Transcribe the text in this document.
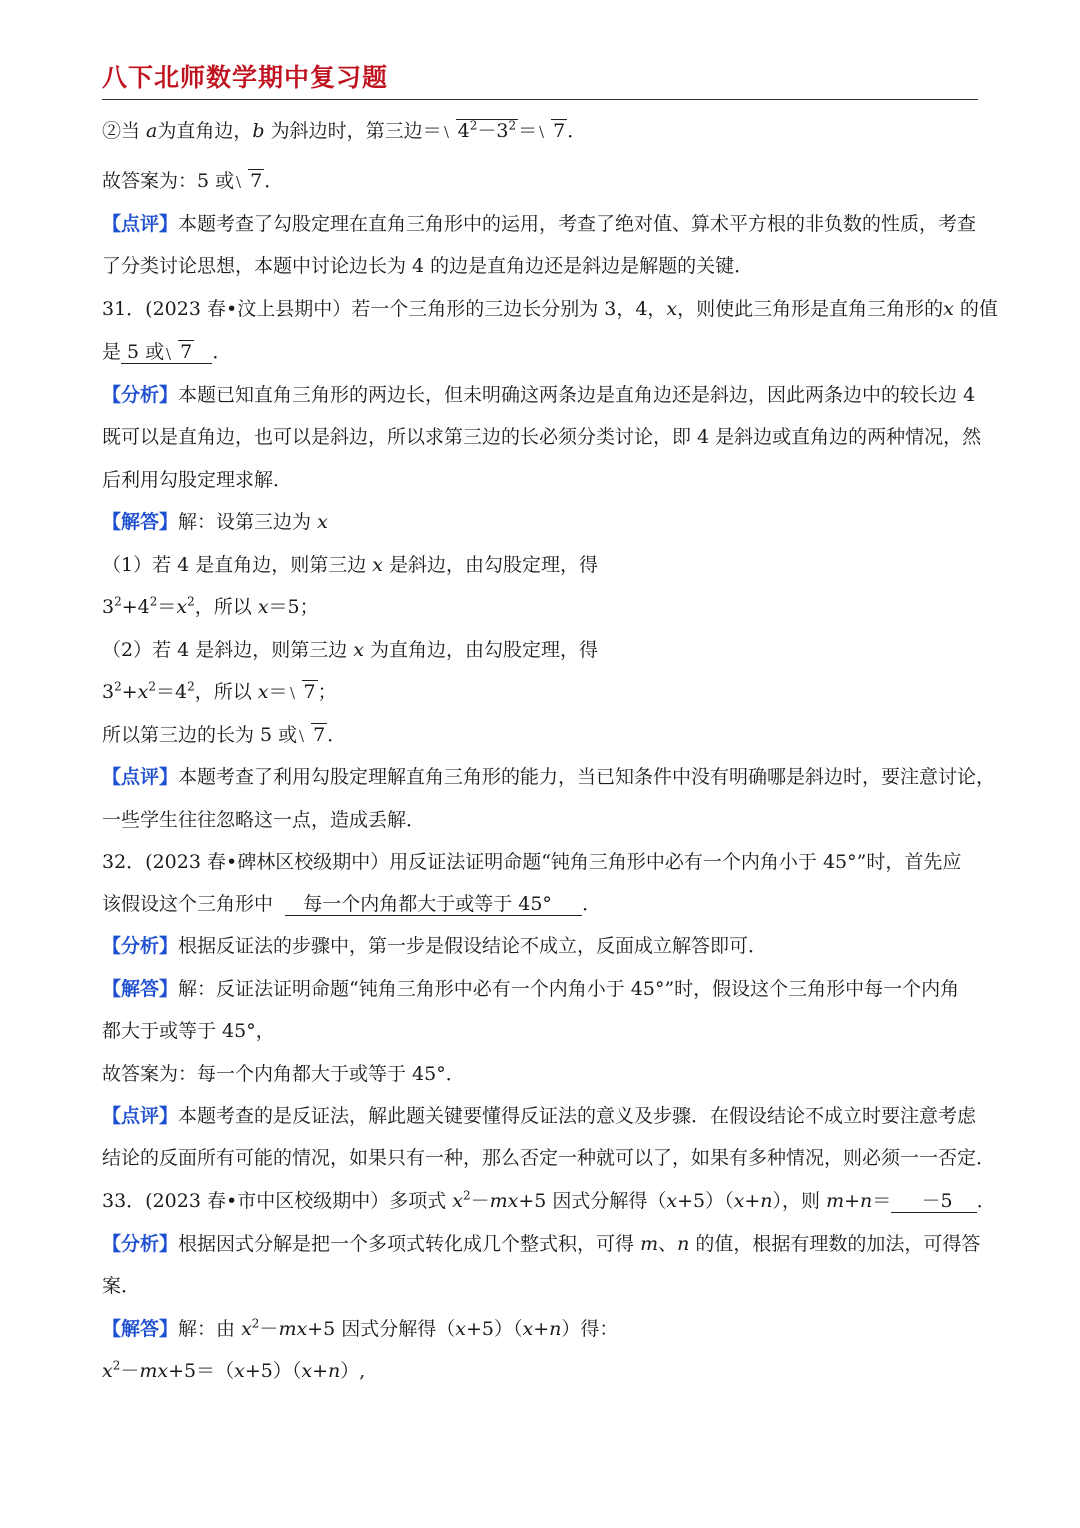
八下北师数学期中复习题
②当 a为直角边，b 为斜边时，第三边＝ $4^2-3^2 = 7$ ．
故答案为：5 或 7 ．
【点评】本题考查了勾股定理在直角三角形中的运用，考查了绝对值、算术平方根的非负数的性质，考查
了分类讨论思想，本题中讨论边长为 4 的边是直角边还是斜边是解题的关键．
31．(2023 春•汶上县期中）若一个三角形的三边长分别为 3，4，x，则使此三角形是直角三角形的x 的值
是 5 或 7 ．
【分析】本题已知直角三角形的两边长，但未明确这两条边是直角边还是斜边，因此两条边中的较长边 4
既可以是直角边，也可以是斜边，所以求第三边的长必须分类讨论，即 4 是斜边或直角边的两种情况，然
后利用勾股定理求解．
【解答】解：设第三边为 x
（1）若 4 是直角边，则第三边 x 是斜边，由勾股定理，得
$3^2+4^2=x^2$，所以 x＝5；
（2）若 4 是斜边，则第三边 x 为直角边，由勾股定理，得
$3^2+x^2=4^2$，所以 x＝ 7 ；
所以第三边的长为 5 或 7 ．
【点评】本题考查了利用勾股定理解直角三角形的能力，当已知条件中没有明确哪是斜边时，要注意讨论，
一些学生往往忽略这一点，造成丢解．
32．(2023 春•碑林区校级期中）用反证法证明命题“钝角三角形中必有一个内角小于 45°”时，首先应
该假设这个三角形中 每一个内角都大于或等于 45° ．
【分析】根据反证法的步骤中，第一步是假设结论不成立，反面成立解答即可．
【解答】解：反证法证明命题“钝角三角形中必有一个内角小于 45°”时，假设这个三角形中每一个内角
都大于或等于 45°，
故答案为：每一个内角都大于或等于 45°．
【点评】本题考查的是反证法，解此题关键要懂得反证法的意义及步骤．在假设结论不成立时要注意考虑
结论的反面所有可能的情况，如果只有一种，那么否定一种就可以了，如果有多种情况，则必须一一否定．
33．(2023 春•市中区校级期中）多项式 $x^2-mx+5$ 因式分解得（x+5）（x+n），则 m+n＝ －5 ．
【分析】根据因式分解是把一个多项式转化成几个整式积，可得 m、n 的值，根据有理数的加法，可得答
案．
【解答】解：由 $x^2-mx+5$ 因式分解得（x+5）（x+n）得：
$x^2-mx+5=(x+5)(x+n)$,
